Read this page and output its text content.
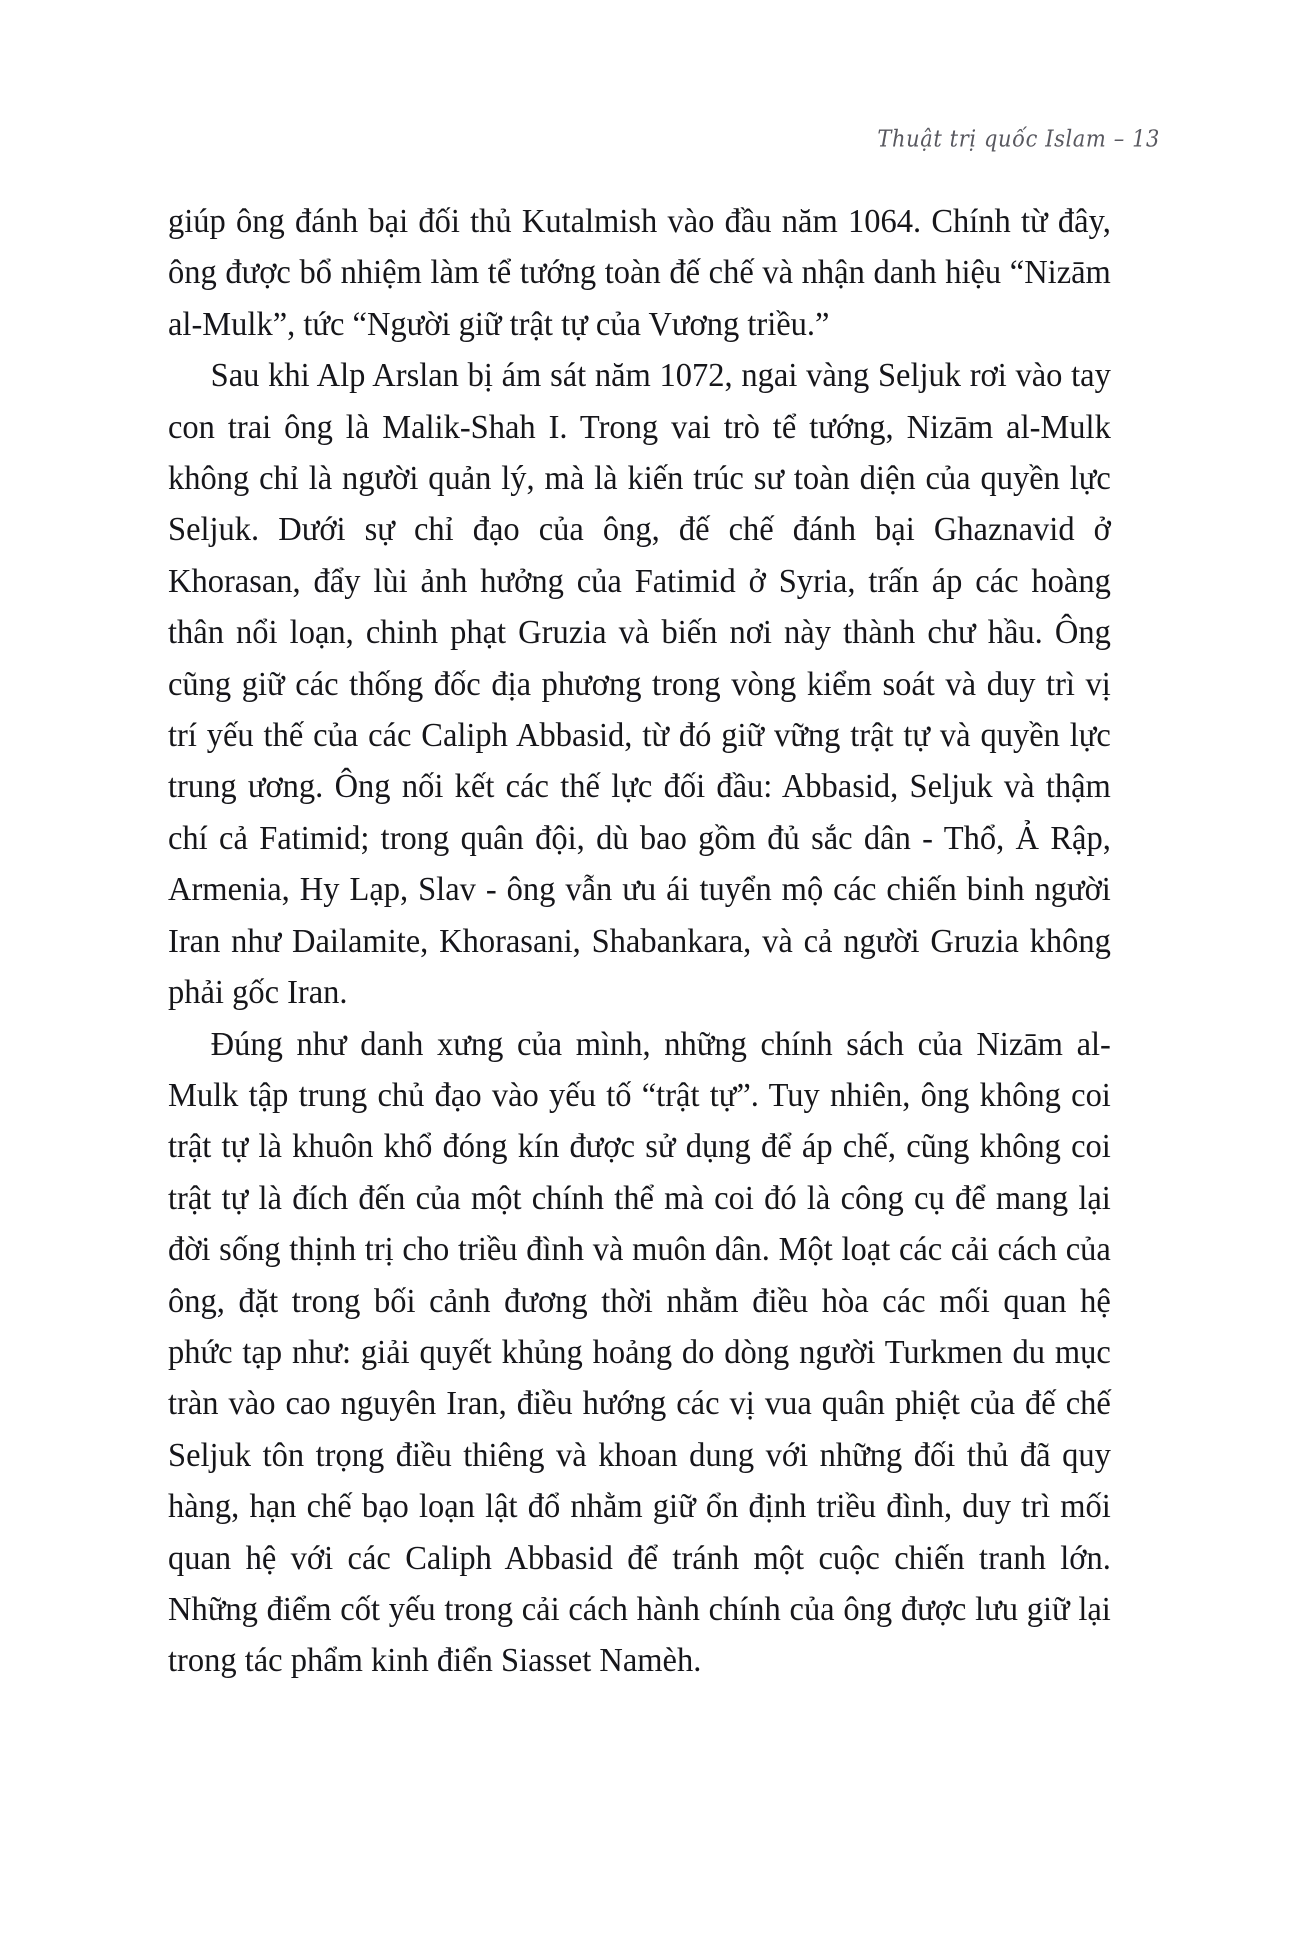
Thuật trị quốc Islam – 13

giúp ông đánh bại đối thủ Kutalmish vào đầu năm 1064. Chính từ đây, ông được bổ nhiệm làm tể tướng toàn đế chế và nhận danh hiệu “Nizām al-Mulk”, tức “Người giữ trật tự của Vương triều.”

Sau khi Alp Arslan bị ám sát năm 1072, ngai vàng Seljuk rơi vào tay con trai ông là Malik-Shah I. Trong vai trò tể tướng, Nizām al-Mulk không chỉ là người quản lý, mà là kiến trúc sư toàn diện của quyền lực Seljuk. Dưới sự chỉ đạo của ông, đế chế đánh bại Ghaznavid ở Khorasan, đẩy lùi ảnh hưởng của Fatimid ở Syria, trấn áp các hoàng thân nổi loạn, chinh phạt Gruzia và biến nơi này thành chư hầu. Ông cũng giữ các thống đốc địa phương trong vòng kiểm soát và duy trì vị trí yếu thế của các Caliph Abbasid, từ đó giữ vững trật tự và quyền lực trung ương. Ông nối kết các thế lực đối đầu: Abbasid, Seljuk và thậm chí cả Fatimid; trong quân đội, dù bao gồm đủ sắc dân - Thổ, Ả Rập, Armenia, Hy Lạp, Slav - ông vẫn ưu ái tuyển mộ các chiến binh người Iran như Dailamite, Khorasani, Shabankara, và cả người Gruzia không phải gốc Iran.

Đúng như danh xưng của mình, những chính sách của Nizām al-Mulk tập trung chủ đạo vào yếu tố “trật tự”. Tuy nhiên, ông không coi trật tự là khuôn khổ đóng kín được sử dụng để áp chế, cũng không coi trật tự là đích đến của một chính thể mà coi đó là công cụ để mang lại đời sống thịnh trị cho triều đình và muôn dân. Một loạt các cải cách của ông, đặt trong bối cảnh đương thời nhằm điều hòa các mối quan hệ phức tạp như: giải quyết khủng hoảng do dòng người Turkmen du mục tràn vào cao nguyên Iran, điều hướng các vị vua quân phiệt của đế chế Seljuk tôn trọng điều thiêng và khoan dung với những đối thủ đã quy hàng, hạn chế bạo loạn lật đổ nhằm giữ ổn định triều đình, duy trì mối quan hệ với các Caliph Abbasid để tránh một cuộc chiến tranh lớn. Những điểm cốt yếu trong cải cách hành chính của ông được lưu giữ lại trong tác phẩm kinh điển Siasset Namèh.
